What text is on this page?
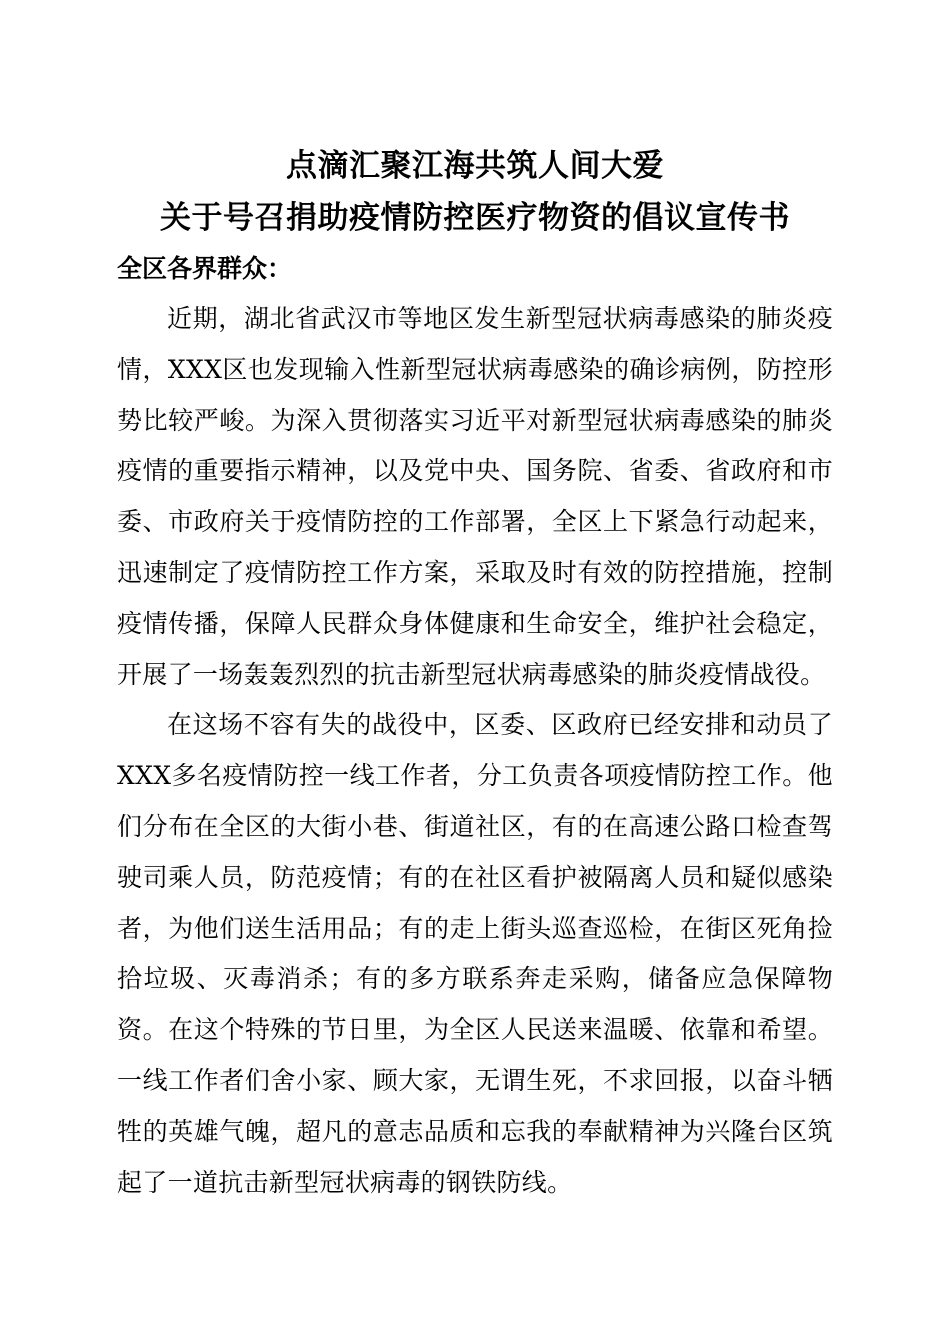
点滴汇聚江海共筑人间大爱
关于号召捐助疫情防控医疗物资的倡议宣传书

全区各界群众：

近期，湖北省武汉市等地区发生新型冠状病毒感染的肺炎疫情，XXX区也发现输入性新型冠状病毒感染的确诊病例，防控形势比较严峻。为深入贯彻落实习近平对新型冠状病毒感染的肺炎疫情的重要指示精神，以及党中央、国务院、省委、省政府和市委、市政府关于疫情防控的工作部署，全区上下紧急行动起来，迅速制定了疫情防控工作方案，采取及时有效的防控措施，控制疫情传播，保障人民群众身体健康和生命安全，维护社会稳定，开展了一场轰轰烈烈的抗击新型冠状病毒感染的肺炎疫情战役。

在这场不容有失的战役中，区委、区政府已经安排和动员了XXX多名疫情防控一线工作者，分工负责各项疫情防控工作。他们分布在全区的大街小巷、街道社区，有的在高速公路口检查驾驶司乘人员，防范疫情；有的在社区看护被隔离人员和疑似感染者，为他们送生活用品；有的走上街头巡查巡检，在街区死角捡拾垃圾、灭毒消杀；有的多方联系奔走采购，储备应急保障物资。在这个特殊的节日里，为全区人民送来温暖、依靠和希望。一线工作者们舍小家、顾大家，无谓生死，不求回报，以奋斗牺牲的英雄气魄，超凡的意志品质和忘我的奉献精神为兴隆台区筑起了一道抗击新型冠状病毒的钢铁防线。
